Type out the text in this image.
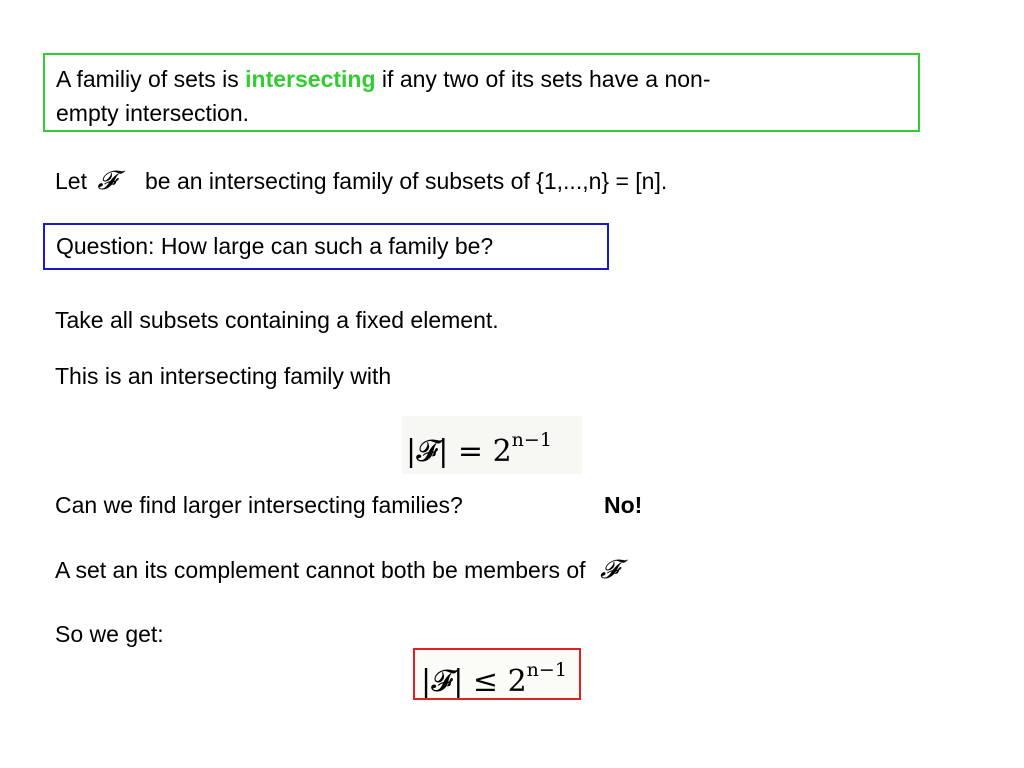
A familiy of sets is intersecting if any two of its sets have a non-
empty intersection.
Let 𝓕 be an intersecting family of subsets of {1,...,n} = [n].
Question: How large can such a family be?
Take all subsets containing a fixed element.
This is an intersecting family with
|𝓕| = $2^{n-1}$
Can we find larger intersecting families?	No!
A set an its complement cannot both be members of 𝓕
So we get:
|𝓕| ≤ $2^{n-1}$
